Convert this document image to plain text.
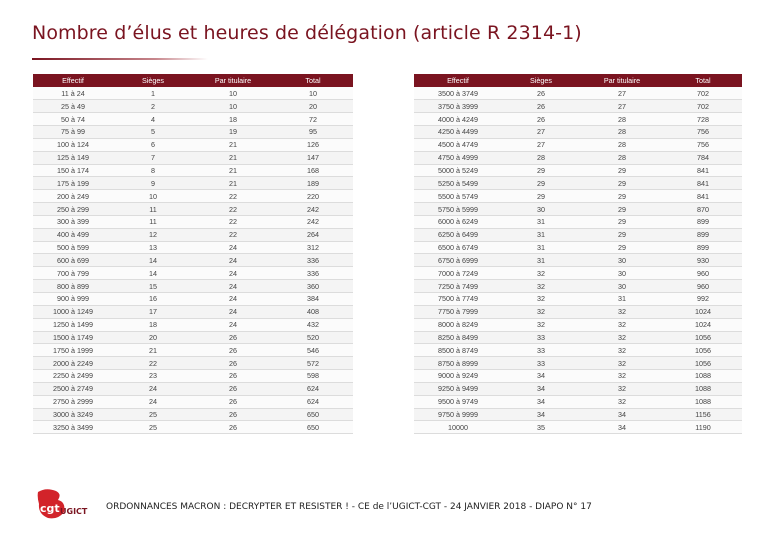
Nombre d’élus et heures de délégation (article R 2314-1)
Effectif	Sièges	Par titulaire	Total
11 à 24	1	10	10
25 à 49	2	10	20
50 à 74	4	18	72
75 à 99	5	19	95
100 à 124	6	21	126
125 à 149	7	21	147
150 à 174	8	21	168
175 à 199	9	21	189
200 à 249	10	22	220
250 à 299	11	22	242
300 à 399	11	22	242
400 à 499	12	22	264
500 à 599	13	24	312
600 à 699	14	24	336
700 à 799	14	24	336
800 à 899	15	24	360
900 à 999	16	24	384
1000 à 1249	17	24	408
1250 à 1499	18	24	432
1500 à 1749	20	26	520
1750 à 1999	21	26	546
2000 à 2249	22	26	572
2250 à 2499	23	26	598
2500 à 2749	24	26	624
2750 à 2999	24	26	624
3000 à 3249	25	26	650
3250 à 3499	25	26	650
Effectif	Sièges	Par titulaire	Total
3500 à 3749	26	27	702
3750 à 3999	26	27	702
4000 à 4249	26	28	728
4250 à 4499	27	28	756
4500 à 4749	27	28	756
4750 à 4999	28	28	784
5000 à 5249	29	29	841
5250 à 5499	29	29	841
5500 à 5749	29	29	841
5750 à 5999	30	29	870
6000 à 6249	31	29	899
6250 à 6499	31	29	899
6500 à 6749	31	29	899
6750 à 6999	31	30	930
7000 à 7249	32	30	960
7250 à 7499	32	30	960
7500 à 7749	32	31	992
7750 à 7999	32	32	1024
8000 à 8249	32	32	1024
8250 à 8499	33	32	1056
8500 à 8749	33	32	1056
8750 à 8999	33	32	1056
9000 à 9249	34	32	1088
9250 à 9499	34	32	1088
9500 à 9749	34	32	1088
9750 à 9999	34	34	1156
10000	35	34	1190
cgt UGICT ORDONNANCES MACRON : DECRYPTER ET RESISTER ! - CE de l’UGICT-CGT - 24 JANVIER 2018 - DIAPO N° 17
